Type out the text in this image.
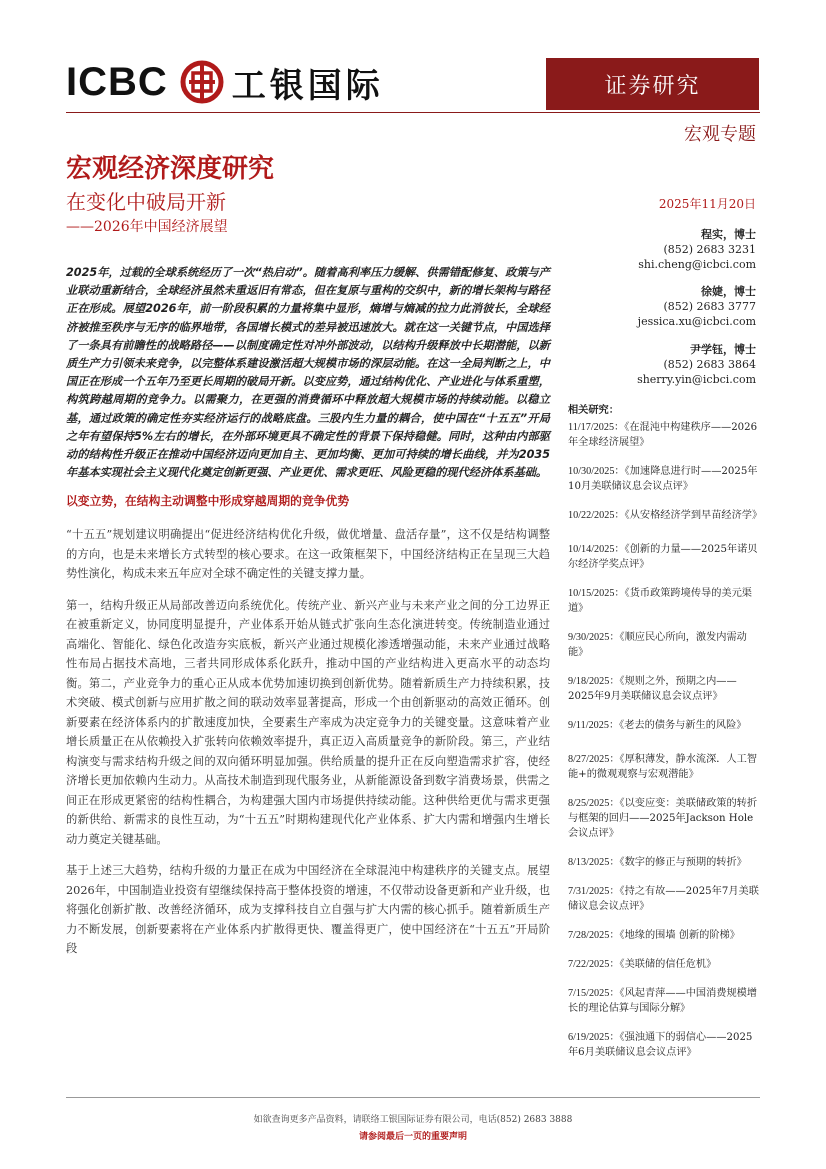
ICBC 工银国际	证券研究
宏观专题
宏观经济深度研究
在变化中破局开新
——2026年中国经济展望
2025年11月20日
程实，博士
(852) 2683 3231
shi.cheng@icbci.com
徐婕，博士
(852) 2683 3777
jessica.xu@icbci.com
尹学钰，博士
(852) 2683 3864
sherry.yin@icbci.com

2025年，过载的全球系统经历了一次“热启动”。随着高利率压力缓解、供需错配修复、政策与产业联动重新结合，全球经济虽然未重返旧有常态，但在复原与重构的交织中，新的增长架构与路径正在形成。展望2026年，前一阶段积累的力量将集中显形，熵增与熵减的拉力此消彼长，全球经济被推至秩序与无序的临界地带，各国增长模式的差异被迅速放大。就在这一关键节点，中国选择了一条具有前瞻性的战略路径——以制度确定性对冲外部波动，以结构升级释放中长期潜能，以新质生产力引领未来竞争，以完整体系建设激活超大规模市场的深层动能。在这一全局判断之上，中国正在形成一个五年乃至更长周期的破局开新。以变应势，通过结构优化、产业进化与体系重塑，构筑跨越周期的竞争力。以需聚力，在更强的消费循环中释放超大规模市场的持续动能。以稳立基，通过政策的确定性夯实经济运行的战略底盘。三股内生力量的耦合，使中国在“十五五”开局之年有望保持5%左右的增长，在外部环境更具不确定性的背景下保持稳健。同时，这种由内部驱动的结构性升级正在推动中国经济迈向更加自主、更加均衡、更加可持续的增长曲线，并为2035年基本实现社会主义现代化奠定创新更强、产业更优、需求更旺、风险更稳的现代经济体系基础。

以变立势，在结构主动调整中形成穿越周期的竞争优势

“十五五”规划建议明确提出“促进经济结构优化升级，做优增量、盘活存量”，这不仅是结构调整的方向，也是未来增长方式转型的核心要求。在这一政策框架下，中国经济结构正在呈现三大趋势性演化，构成未来五年应对全球不确定性的关键支撑力量。

第一，结构升级正从局部改善迈向系统优化。传统产业、新兴产业与未来产业之间的分工边界正在被重新定义，协同度明显提升，产业体系开始从链式扩张向生态化演进转变。传统制造业通过高端化、智能化、绿色化改造夯实底板，新兴产业通过规模化渗透增强动能，未来产业通过战略性布局占据技术高地，三者共同形成体系化跃升，推动中国的产业结构进入更高水平的动态均衡。第二，产业竞争力的重心正从成本优势加速切换到创新优势。随着新质生产力持续积累，技术突破、模式创新与应用扩散之间的联动效率显著提高，形成一个由创新驱动的高效正循环。创新要素在经济体系内的扩散速度加快，全要素生产率成为决定竞争力的关键变量。这意味着产业增长质量正在从依赖投入扩张转向依赖效率提升，真正迈入高质量竞争的新阶段。第三，产业结构演变与需求结构升级之间的双向循环明显加强。供给质量的提升正在反向塑造需求扩容，使经济增长更加依赖内生动力。从高技术制造到现代服务业，从新能源设备到数字消费场景，供需之间正在形成更紧密的结构性耦合，为构建强大国内市场提供持续动能。这种供给更优与需求更强的新供给、新需求的良性互动，为“十五五”时期构建现代化产业体系、扩大内需和增强内生增长动力奠定关键基础。

基于上述三大趋势，结构升级的力量正在成为中国经济在全球混沌中构建秩序的关键支点。展望2026年，中国制造业投资有望继续保持高于整体投资的增速，不仅带动设备更新和产业升级，也将强化创新扩散、改善经济循环，成为支撑科技自立自强与扩大内需的核心抓手。随着新质生产力不断发展，创新要素将在产业体系内扩散得更快、覆盖得更广，使中国经济在“十五五”开局阶段

相关研究：
11/17/2025：《在混沌中构建秩序——2026年全球经济展望》
10/30/2025：《加速降息进行时——2025年10月美联储议息会议点评》
10/22/2025：《从安格经济学到早苗经济学》
10/14/2025：《创新的力量——2025年诺贝尔经济学奖点评》
10/15/2025：《货币政策跨境传导的美元渠道》
9/30/2025：《顺应民心所向，激发内需动能》
9/18/2025：《规则之外，预期之内——2025年9月美联储议息会议点评》
9/11/2025：《老去的债务与新生的风险》
8/27/2025：《厚积薄发，静水流深．人工智能+的微观观察与宏观潜能》
8/25/2025：《以变应变：美联储政策的转折与框架的回归——2025年Jackson Hole会议点评》
8/13/2025：《数字的修正与预期的转折》
7/31/2025：《持之有故——2025年7月美联储议息会议点评》
7/28/2025：《地缘的围墙 创新的阶梯》
7/22/2025：《美联储的信任危机》
7/15/2025：《风起青萍——中国消费规模增长的理论估算与国际分解》
6/19/2025：《强浊通下的弱信心——2025年6月美联储议息会议点评》
如欲查询更多产品资料，请联络工银国际证券有限公司，电话(852) 2683 3888
请参阅最后一页的重要声明
